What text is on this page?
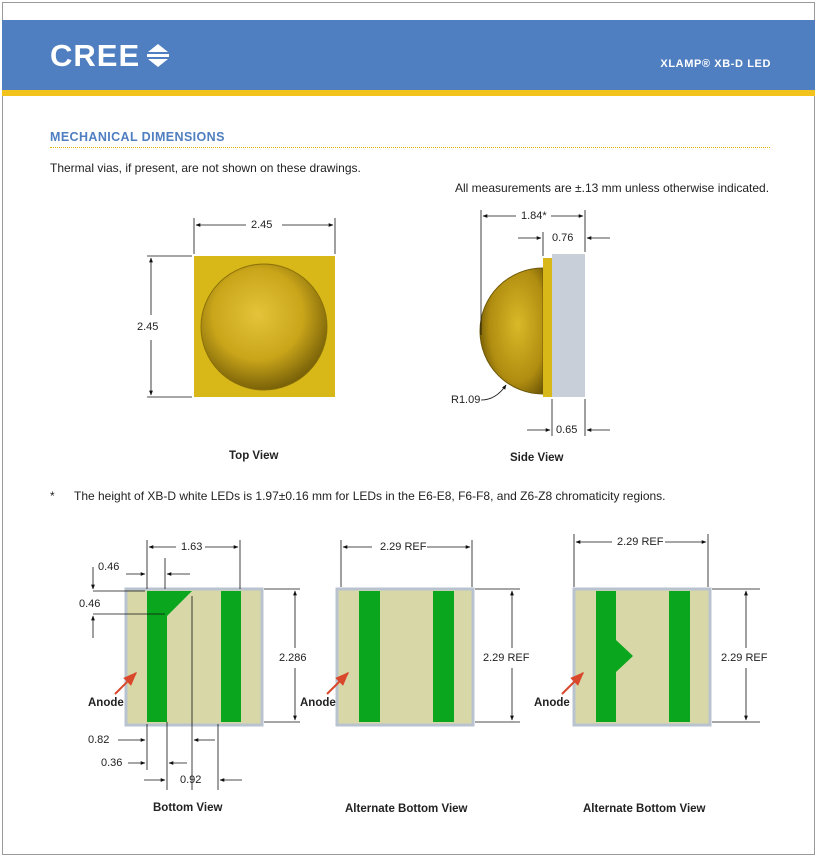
CREE	XLAMP® XB-D LED
MECHANICAL DIMENSIONS
Thermal vias, if present, are not shown on these drawings.
All measurements are ±.13 mm unless otherwise indicated.
2.45
2.45
Top View
1.84*
0.76
R1.09
0.65
Side View
* The height of XB-D white LEDs is 1.97±0.16 mm for LEDs in the E6-E8, F6-F8, and Z6-Z8 chromaticity regions.
1.63
0.46
0.46
2.286
0.82
0.36
0.92
Anode
Bottom View
2.29 REF
2.29 REF
Anode
Alternate Bottom View
2.29 REF
2.29 REF
Anode
Alternate Bottom View
